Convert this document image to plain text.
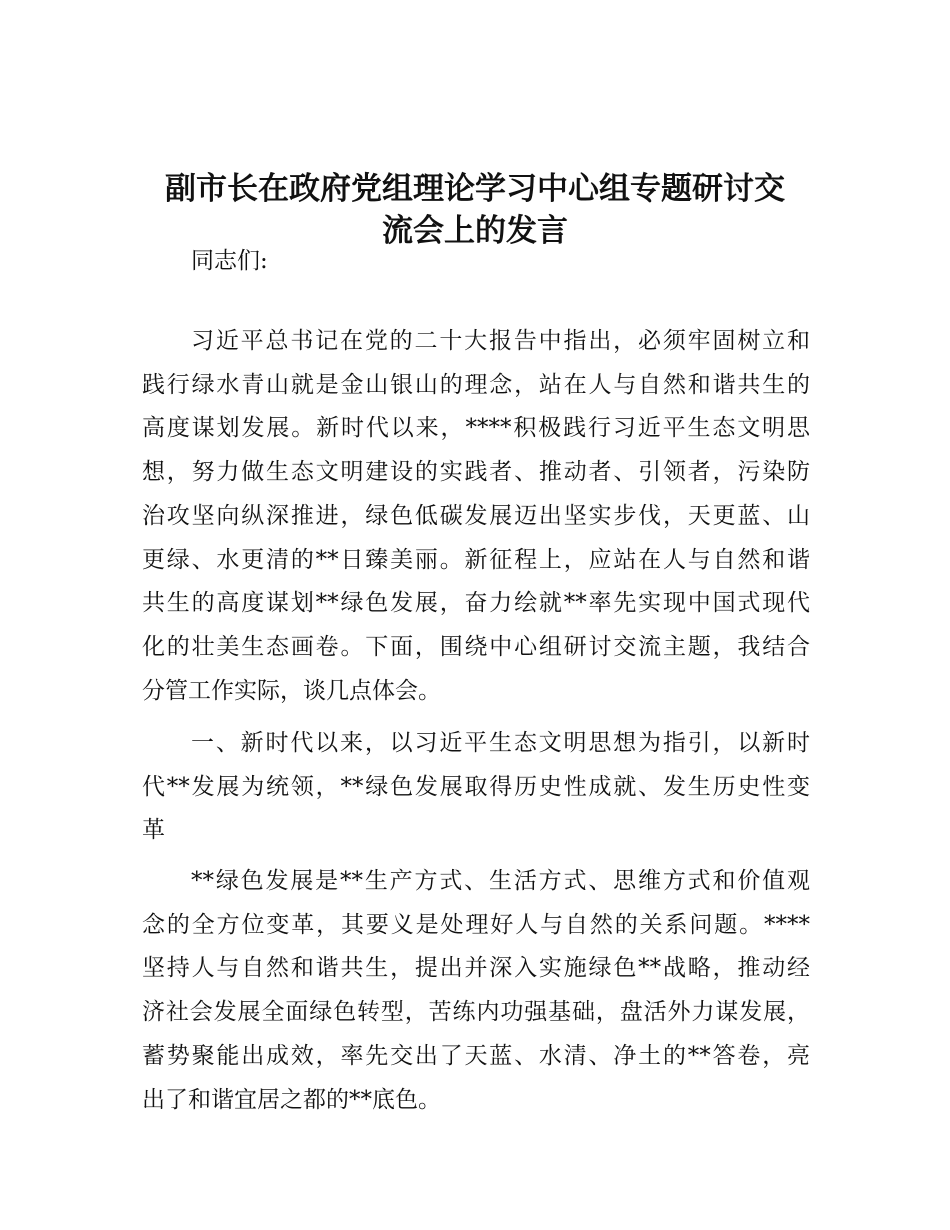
副市长在政府党组理论学习中心组专题研讨交
流会上的发言
同志们:
习近平总书记在党的二十大报告中指出，必须牢固树立和
践行绿水青山就是金山银山的理念，站在人与自然和谐共生的
高度谋划发展。新时代以来，****积极践行习近平生态文明思
想，努力做生态文明建设的实践者、推动者、引领者，污染防
治攻坚向纵深推进，绿色低碳发展迈出坚实步伐，天更蓝、山
更绿、水更清的**日臻美丽。新征程上，应站在人与自然和谐
共生的高度谋划**绿色发展，奋力绘就**率先实现中国式现代
化的壮美生态画卷。下面，围绕中心组研讨交流主题，我结合
分管工作实际，谈几点体会。
一、新时代以来，以习近平生态文明思想为指引，以新时
代**发展为统领，**绿色发展取得历史性成就、发生历史性变
革
**绿色发展是**生产方式、生活方式、思维方式和价值观
念的全方位变革，其要义是处理好人与自然的关系问题。****
坚持人与自然和谐共生，提出并深入实施绿色**战略，推动经
济社会发展全面绿色转型，苦练内功强基础，盘活外力谋发展，
蓄势聚能出成效，率先交出了天蓝、水清、净土的**答卷，亮
出了和谐宜居之都的**底色。
